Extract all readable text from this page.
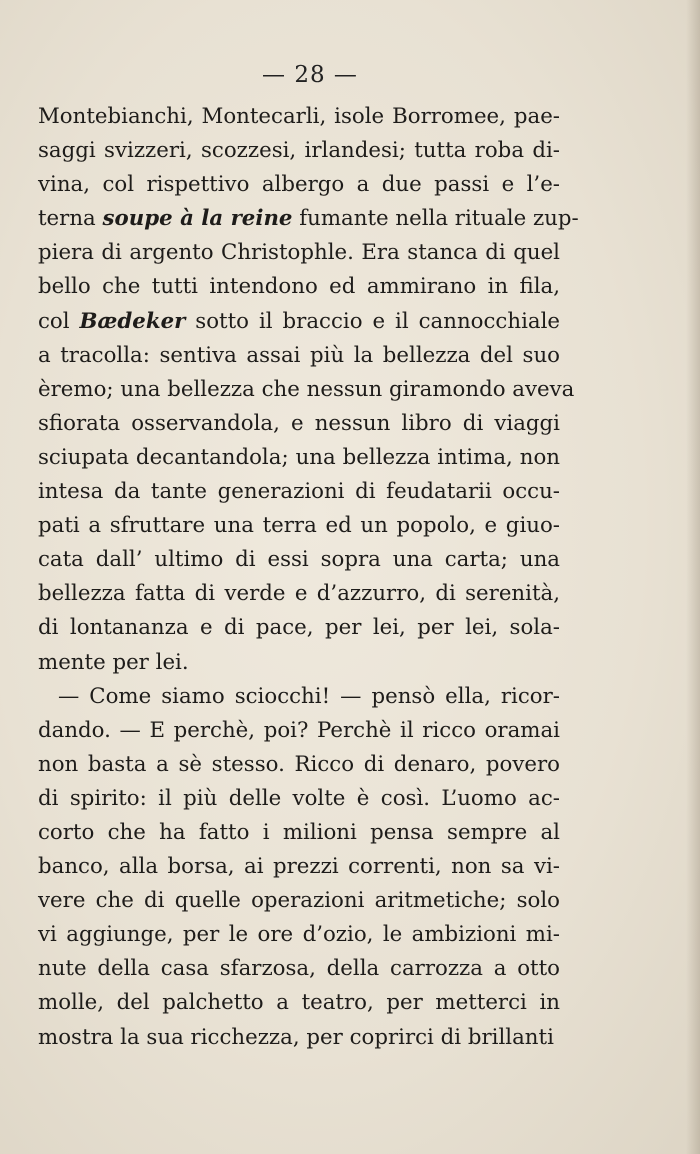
— 28 —
Montebianchi, Montecarli, isole Borromee, pae-
saggi svizzeri, scozzesi, irlandesi; tutta roba di-
vina, col rispettivo albergo a due passi e l’e-
terna soupe à la reine fumante nella rituale zup-
piera di argento Christophle. Era stanca di quel
bello che tutti intendono ed ammirano in fila,
col Bædeker sotto il braccio e il cannocchiale
a tracolla: sentiva assai più la bellezza del suo
èremo; una bellezza che nessun giramondo aveva
sfiorata osservandola, e nessun libro di viaggi
sciupata decantandola; una bellezza intima, non
intesa da tante generazioni di feudatarii occu-
pati a sfruttare una terra ed un popolo, e giuo-
cata dall’ ultimo di essi sopra una carta; una
bellezza fatta di verde e d’azzurro, di serenità,
di lontananza e di pace, per lei, per lei, sola-
mente per lei.
— Come siamo sciocchi! — pensò ella, ricor-
dando. — E perchè, poi? Perchè il ricco oramai
non basta a sè stesso. Ricco di denaro, povero
di spirito: il più delle volte è così. L’uomo ac-
corto che ha fatto i milioni pensa sempre al
banco, alla borsa, ai prezzi correnti, non sa vi-
vere che di quelle operazioni aritmetiche; solo
vi aggiunge, per le ore d’ozio, le ambizioni mi-
nute della casa sfarzosa, della carrozza a otto
molle, del palchetto a teatro, per metterci in
mostra la sua ricchezza, per coprirci di brillanti
